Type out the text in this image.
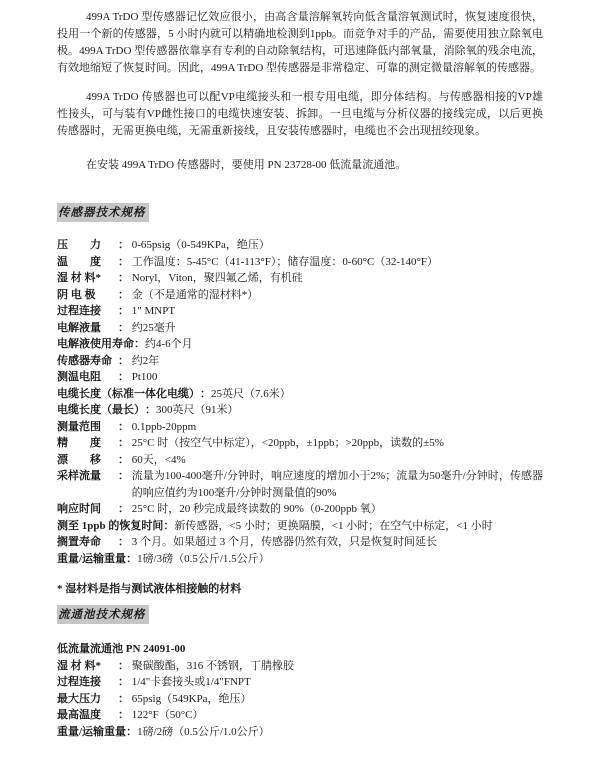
499A TrDO 型传感器记忆效应很小，由高含量溶解氧转向低含量溶氧测试时，恢复速度很快，投用一个新的传感器，5 小时内就可以精确地检测到1ppb。而竞争对手的产品，需要使用独立除氧电极。499A TrDO 型传感器依靠享有专利的自动除氧结构，可迅速降低内部氧量，消除氧的残余电流，有效地缩短了恢复时间。因此，499A TrDO 型传感器是非常稳定、可靠的测定微量溶解氧的传感器。

499A TrDO 传感器也可以配VP电缆接头和一根专用电缆，即分体结构。与传感器相接的VP雄性接头，可与装有VP雌性接口的电缆快速安装、拆卸。一旦电缆与分析仪器的接线完成，以后更换传感器时，无需更换电缆，无需重新接线，且安装传感器时，电缆也不会出现扭绞现象。

在安装 499A TrDO 传感器时，要使用 PN 23728-00 低流量流通池。

传感器技术规格
压　　力	： 0-65psig（0-549KPa，绝压）
温　　度	： 工作温度：5-45°C（41-113°F）；储存温度：0-60°C（32-140°F）
湿 材 料*	： Noryl，Viton，聚四氟乙烯，有机硅
阴 电 极	： 金（不是通常的湿材料*）
过程连接	： 1" MNPT
电解液量	： 约25毫升
电解液使用寿命 ： 约4-6个月
传感器寿命 ： 约2年
测温电阻	： Pt100
电缆长度（标准一体化电缆） ： 25英尺（7.6米）
电缆长度（最长） ： 300英尺（91米）
测量范围	： 0.1ppb-20ppm
精　　度	： 25°C 时（按空气中标定），<20ppb，±1ppb；>20ppb，读数的±5%
漂　　移	： 60天，<4%
采样流量	： 流量为100-400毫升/分钟时，响应速度的增加小于2%；流量为50毫升/分钟时，传感器的响应值约为100毫升/分钟时测量值的90%
响应时间	： 25°C 时，20 秒完成最终读数的 90%（0-200ppb 氧）
测至 1ppb 的恢复时间 ： 新传感器，<5 小时；更换隔膜，<1 小时；在空气中标定，<1 小时
搁置寿命	： 3 个月。如果超过 3 个月，传感器仍然有效，只是恢复时间延长
重量/运输重量 ： 1磅/3磅（0.5公斤/1.5公斤）

* 湿材料是指与测试液体相接触的材料

流通池技术规格

低流量流通池 PN 24091-00

湿 材 料*	： 聚碳酸酯，316 不锈钢，丁腈橡胶
过程连接	： 1/4"卡套接头或1/4"FNPT
最大压力	： 65psig（549KPa，绝压）
最高温度	： 122°F（50°C）
重量/运输重量 ： 1磅/2磅（0.5公斤/1.0公斤）
